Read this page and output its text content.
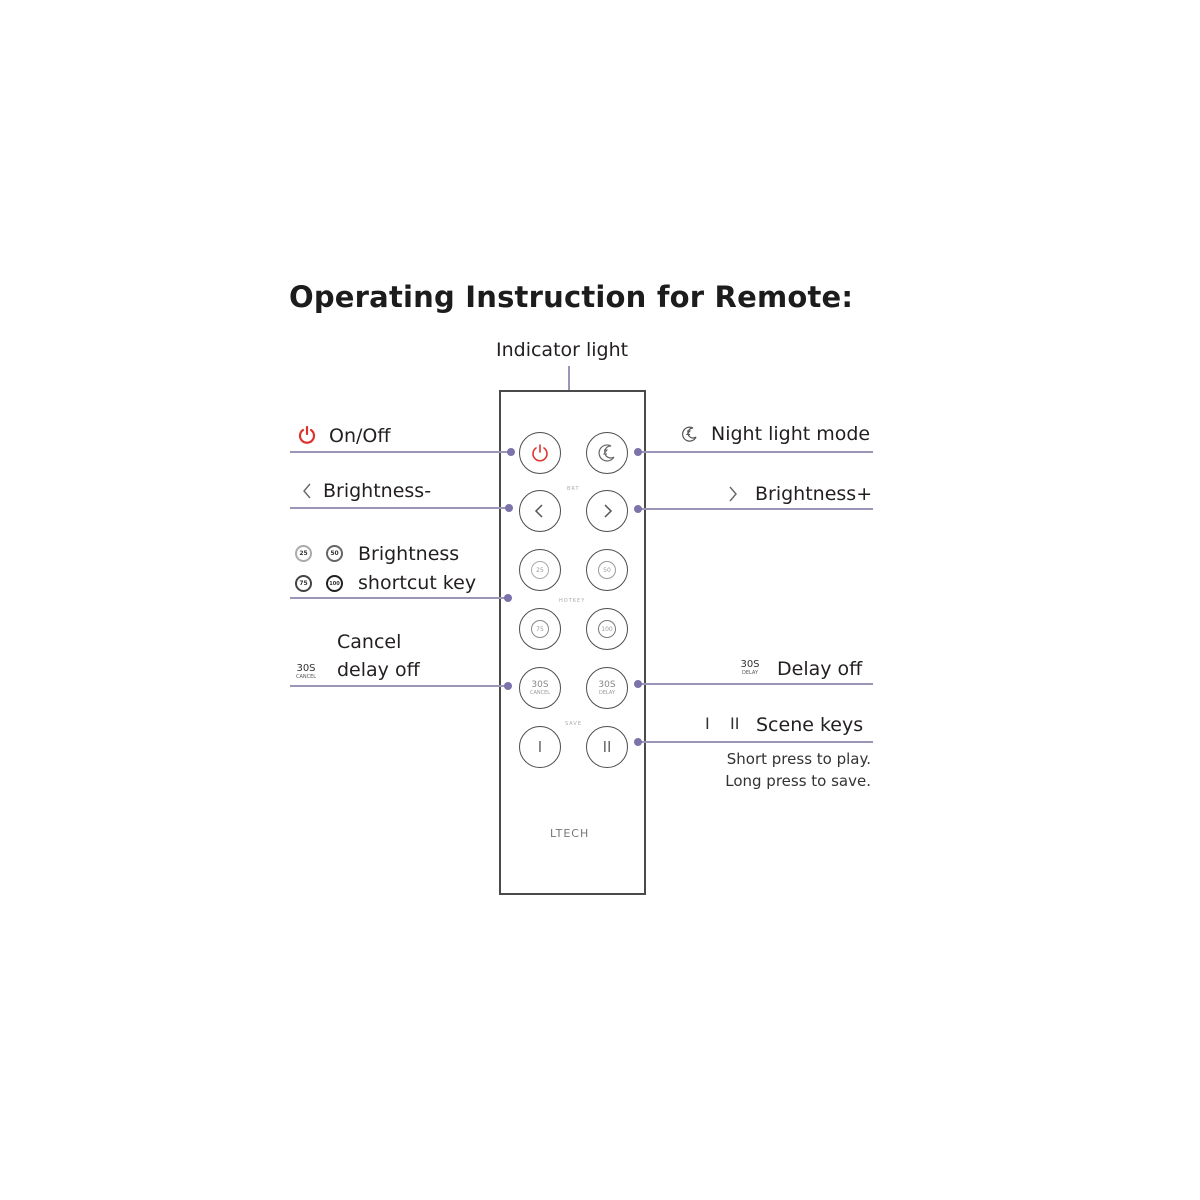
Operating Instruction for Remote:
Indicator light
BRT
25	50
HOTKEY
75	100
30S
CANCEL
30S
DELAY
SAVE
I	II
LTECH
On/Off
Brightness-
25	50
75	100
Brightness
shortcut key
30S
CANCEL
Cancel
delay off
Night light mode
Brightness+
30S
DELAY Delay off
I II Scene keys
Short press to play.
Long press to save.
